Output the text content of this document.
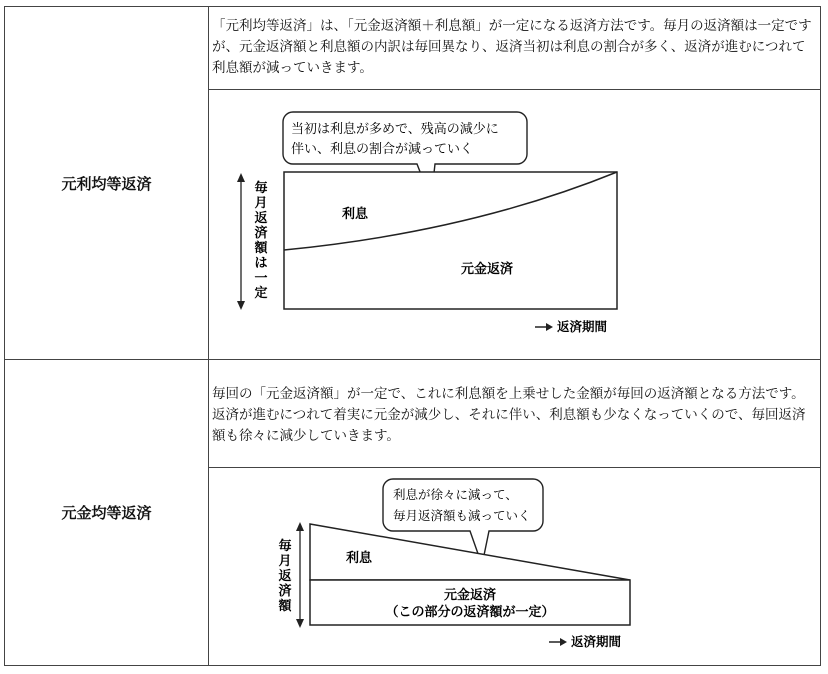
元利均等返済
「元利均等返済」は、「元金返済額＋利息額」が一定になる返済方法です。毎月の返済額は一定ですが、元金返済額と利息額の内訳は毎回異なり、返済当初は利息の割合が多く、返済が進むにつれて利息額が減っていきます。
当初は利息が多めで、残高の減少に
伴い、利息の割合が減っていく
利息
元金返済
毎
月
返
済
額
は
一
定
返済期間
元金均等返済
毎回の「元金返済額」が一定で、これに利息額を上乗せした金額が毎回の返済額となる方法です。返済が進むにつれて着実に元金が減少し、それに伴い、利息額も少なくなっていくので、毎回返済額も徐々に減少していきます。
利息が徐々に減って、
毎月返済額も減っていく
利息
元金返済
（この部分の返済額が一定）
毎
月
返
済
額
返済期間
